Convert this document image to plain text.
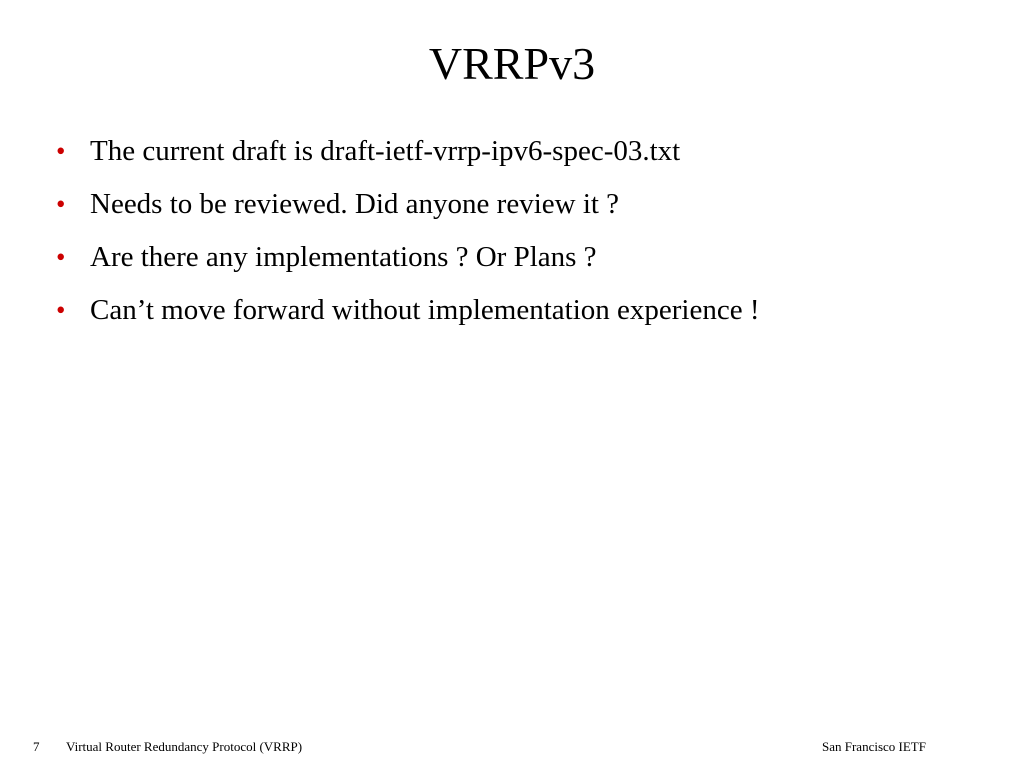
VRRPv3
• The current draft is draft-ietf-vrrp-ipv6-spec-03.txt
• Needs to be reviewed. Did anyone review it ?
• Are there any implementations ? Or Plans ?
• Can’t move forward without implementation experience !
7 Virtual Router Redundancy Protocol (VRRP)	San Francisco IETF
